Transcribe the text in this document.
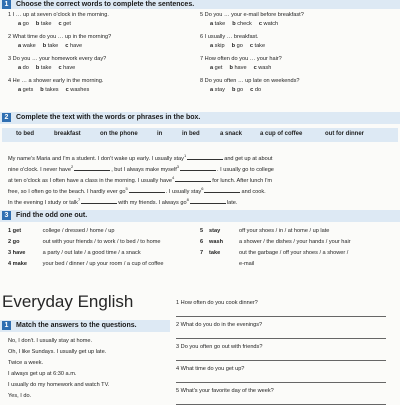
1	Choose the correct words to complete the sentences.
2	Complete the text with the words or phrases in the box.
to bed	breakfast	on the phone	in	in bed	a snack	a cup of coffee	out for dinner
3	Find the odd one out.
Everyday English
1	Match the answers to the questions.
1 I … up at seven o'clock in the morning.
a go b take c get
2 What time do you … up in the morning?
a wake b take c have
3 Do you … your homework every day?
a do b take c have
4 He … a shower early in the morning.
a gets b takes c washes
5 Do you … your e-mail before breakfast?
a take b check c watch
6 I usually … breakfast.
a skip b go c take
7 How often do you … your hair?
a get b have c wash
8 Do you often … up late on weekends?
a stay b go c do
My name's Maria and I'm a student. I don't wake up early. I usually stay$^1$and get up at about
nine o'clock. I never have$^2$, but I always make myself$^3$. I usually go to college
at ten o'clock as I often have a class in the morning. I usually have$^4$for lunch. After lunch I'm
free, so I often go to the beach. I hardly ever $go^5$. I usually stay$^6$and cook.
In the evening I study or talk$^7$with my friends. I always $go^8late$.
1 get	college / dressed / home / up
2 go	out with your friends / to work / to bed / to home
3 have	a party / out late / a good time / a snack
4 make	your bed / dinner / up your room / a cup of coffee
5stay	off your shoes / in / at home / up late
6wash	a shower / the dishes / your hands / your hair
7take	out the garbage / off your shoes / a shower /
e-mail
No, I don't. I usually stay at home.
Oh, I like Sundays. I usually get up late.
Twice a week.
I always get up at 6:30 a.m.
I usually do my homework and watch TV.
Yes, I do.
1 How often do you cook dinner?
2 What do you do in the evenings?
3 Do you often go out with friends?
4 What time do you get up?
5 What's your favorite day of the week?
